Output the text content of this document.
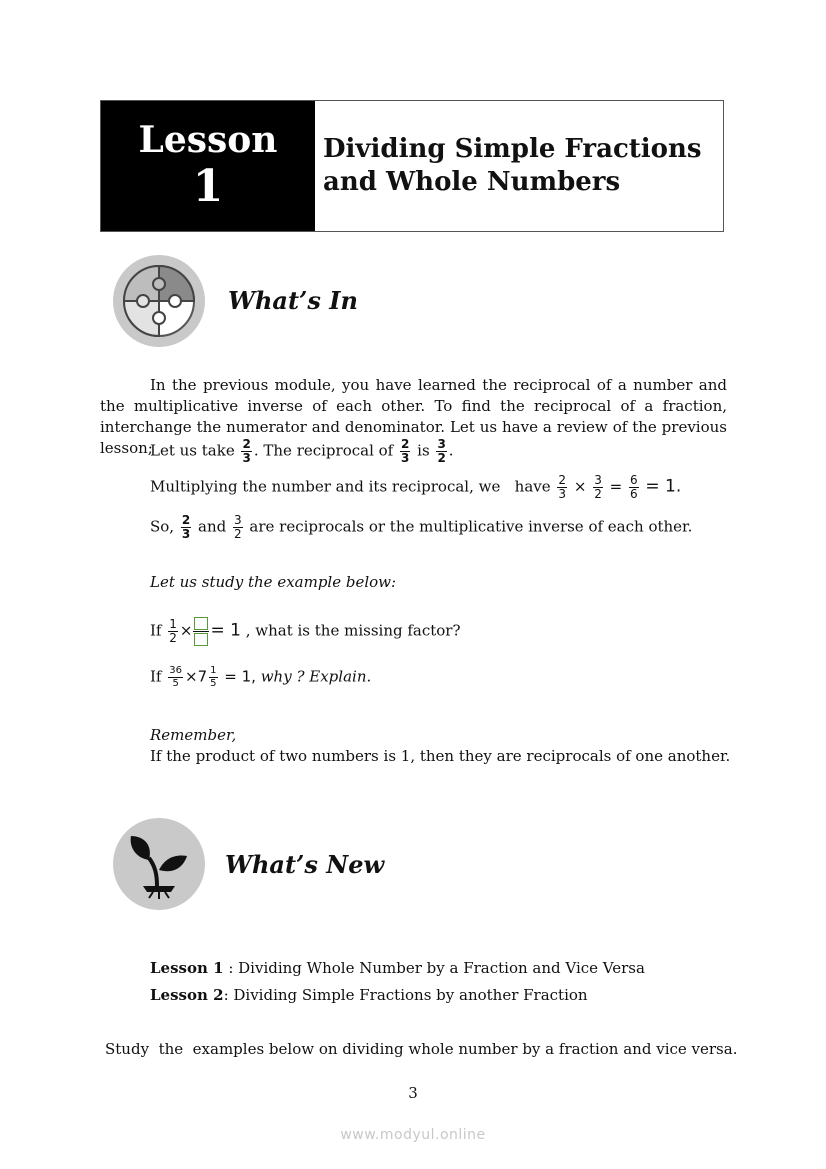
Lesson
1
Dividing Simple Fractions and Whole Numbers
What’s In
In the previous module, you have learned the reciprocal of a number and the multiplicative inverse of each other. To find the reciprocal of a fraction, interchange the numerator and denominator. Let us have a review of the previous lesson;
Let us take $\frac{2}{3}$ . The reciprocal of $\frac{2}{3}$ is $\frac{3}{2}$ .
Multiplying the number and its reciprocal, we have $\frac{2}{3} \times \frac{3}{2} = \frac{6}{6} = 1$.
So, $\frac{2}{3}$ and $\frac{3}{2}$ are reciprocals or the multiplicative inverse of each other.
Let us study the example below:
If $\frac{1}{2}$ × = 1 , what is the missing factor?
If $\frac{36}{5} \times 7 \frac{1}{5} = 1$, why ? Explain.
Remember,
If the product of two numbers is 1, then they are reciprocals of one another.
What’s New
Lesson 1 : Dividing Whole Number by a Fraction and Vice Versa
Lesson 2: Dividing Simple Fractions by another Fraction
Study  the  examples below on dividing whole number by a fraction and vice versa.
3
www.modyul.online
